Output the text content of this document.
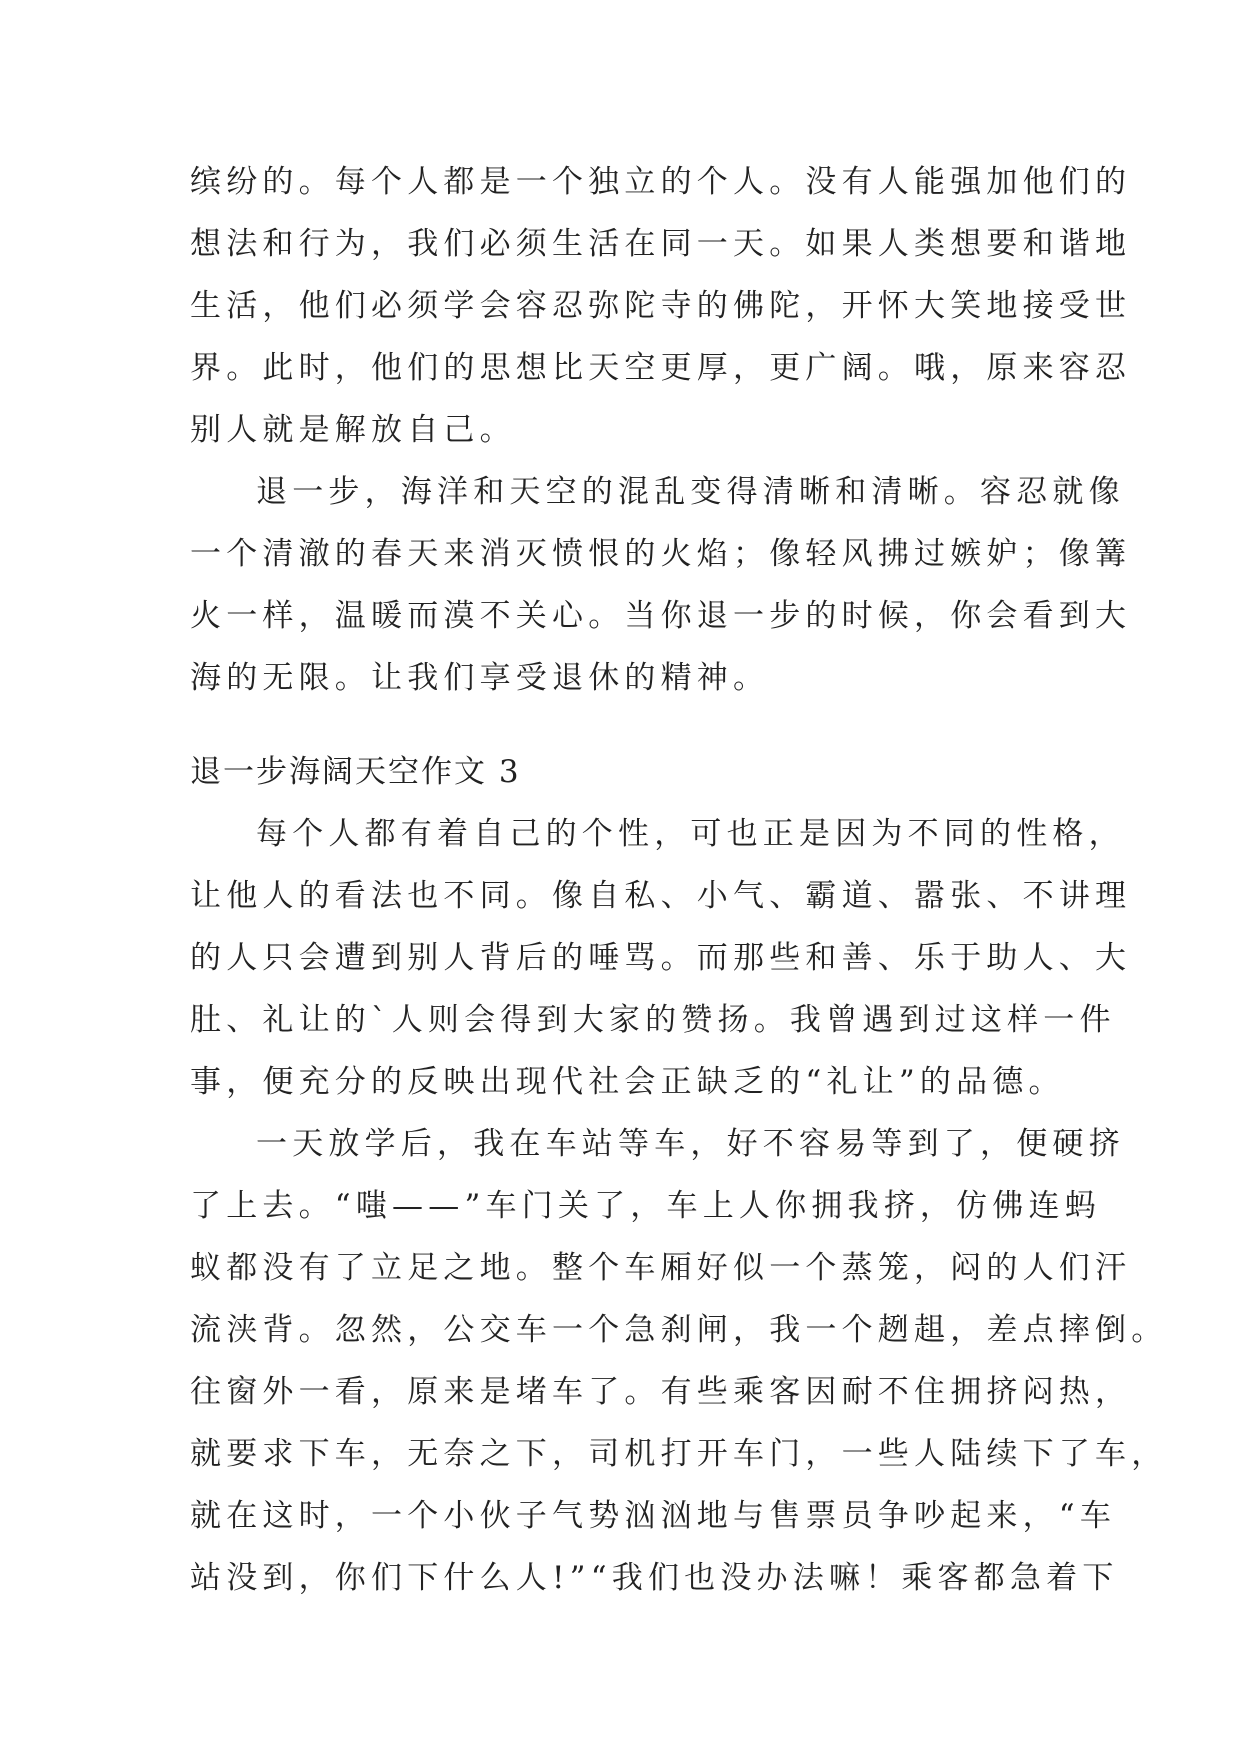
缤纷的。每个人都是一个独立的个人。没有人能强加他们的
想法和行为，我们必须生活在同一天。如果人类想要和谐地
生活，他们必须学会容忍弥陀寺的佛陀，开怀大笑地接受世
界。此时，他们的思想比天空更厚，更广阔。哦，原来容忍
别人就是解放自己。
退一步，海洋和天空的混乱变得清晰和清晰。容忍就像
一个清澈的春天来消灭愤恨的火焰；像轻风拂过嫉妒；像篝
火一样，温暖而漠不关心。当你退一步的时候，你会看到大
海的无限。让我们享受退休的精神。
退一步海阔天空作文 3
每个人都有着自己的个性，可也正是因为不同的性格，
让他人的看法也不同。像自私、小气、霸道、嚣张、不讲理
的人只会遭到别人背后的唾骂。而那些和善、乐于助人、大
肚、礼让的`人则会得到大家的赞扬。我曾遇到过这样一件
事，便充分的反映出现代社会正缺乏的“礼让”的品德。
一天放学后，我在车站等车，好不容易等到了，便硬挤
了上去。“嗤——”车门关了，车上人你拥我挤，仿佛连蚂
蚁都没有了立足之地。整个车厢好似一个蒸笼，闷的人们汗
流浃背。忽然，公交车一个急刹闸，我一个趔趄，差点摔倒。
往窗外一看，原来是堵车了。有些乘客因耐不住拥挤闷热，
就要求下车，无奈之下，司机打开车门，一些人陆续下了车，
就在这时，一个小伙子气势汹汹地与售票员争吵起来，“车
站没到，你们下什么人!”“我们也没办法嘛！乘客都急着下
